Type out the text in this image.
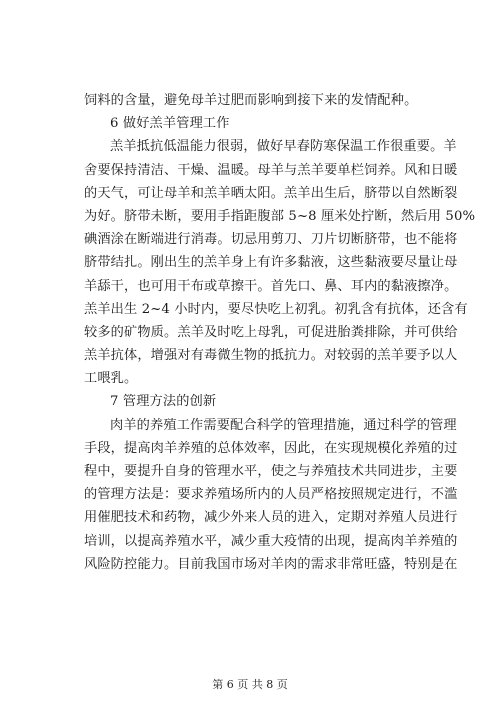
饲料的含量，避免母羊过肥而影响到接下来的发情配种。
6 做好羔羊管理工作
羔羊抵抗低温能力很弱，做好早春防寒保温工作很重要。羊
舍要保持清洁、干燥、温暖。母羊与羔羊要单栏饲养。风和日暖
的天气，可让母羊和羔羊晒太阳。羔羊出生后，脐带以自然断裂
为好。脐带未断，要用手指距腹部 5~8 厘米处拧断，然后用 50%
碘酒涂在断端进行消毒。切忌用剪刀、刀片切断脐带，也不能将
脐带结扎。刚出生的羔羊身上有许多黏液，这些黏液要尽量让母
羊舔干，也可用干布或草擦干。首先口、鼻、耳内的黏液擦净。
羔羊出生 2~4 小时内，要尽快吃上初乳。初乳含有抗体，还含有
较多的矿物质。羔羊及时吃上母乳，可促进胎粪排除，并可供给
羔羊抗体，增强对有毒微生物的抵抗力。对较弱的羔羊要予以人
工喂乳。
7 管理方法的创新
肉羊的养殖工作需要配合科学的管理措施，通过科学的管理
手段，提高肉羊养殖的总体效率，因此，在实现规模化养殖的过
程中，要提升自身的管理水平，使之与养殖技术共同进步，主要
的管理方法是：要求养殖场所内的人员严格按照规定进行，不滥
用催肥技术和药物，减少外来人员的进入，定期对养殖人员进行
培训，以提高养殖水平，减少重大疫情的出现，提高肉羊养殖的
风险防控能力。目前我国市场对羊肉的需求非常旺盛，特别是在
第 6 页 共 8 页
